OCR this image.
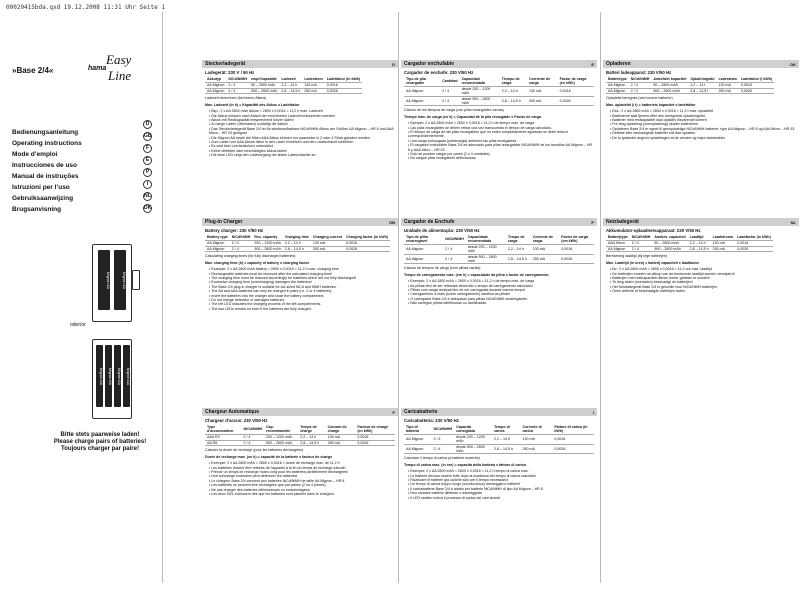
00020415bda.qxd 19.12.2008 11:31 Uhr Seite 1
hama
Easy
Line
»Base 2/4«
Bedienungsanleitung
Operating instructions
Mode d’emploi
Instrucciones de uso
Manual de instruções
Istruzioni per l’uso
Gebruiksaanwijzing
Brugsanvisning
D
GB
F
E
P
I
NL
DK
Mignon AA	Mignon AA
oder/or
Mignon AA	Mignon AA	Mignon AA	Mignon AA
Bitte stets paarweise laden!
Please charge pairs of batteries!
Toujours charger par paire!
Steckerladegerät	D
Ladegerät: 230 V / 50 Hz
Akkutyp	NiCd/NiMH	empf.Kapazität	Ladezeit	Ladestrom	Ladefaktor (in kWh)
AA Mignon	2 / 4	50 – 2800 mAh	2,2 – 14 h	130 mA	0,0016
AA Mignon	2 / 4	500 – 2600 mAh	2,8 – 14,5 h	250 mA	0,0026
Ladezeit berechnen (bei leeren Akkus)
Max. Ladezeit (in h) = Kapazität des Akkus x Ladefaktor
• Bsp.: 2 x AA 2800 mAh Akkus = 2800 x 0,0016 = 11,2 h max. Ladezeit
• Die Akkus müssen nach Ablauf der errechneten Ladezeit entnommen werden!
• Akkus mit Restkapazität entsprechend kürzer laden!
• Zu lange Laden (Überladen) schädigt die Akkus!
• Das Steckerladegerät Base 2/4 ist für wiederaufladbare NiCd/NiMH Akkus der Größen AA Mignon – HR 6 und AAA Micro – HR 03 geeignet
• Die Mignon AA sowie die Micro AAA Akkus können nur paarweise in 2 oder 4 Stück geladen werden.
• Zum Laden von AAA Akkus diese in den Lader einsetzen und den Ladeschacht schließen.
• Es wird kein Leerlaufschutz unterstützt.
• Keine defekten oder beschädigten Akkus laden!
• Die linke LED zeigt den Ladevorgang der linken Ladeschächte an.
Cargador enchufable	E
Cargador de enchufe: 230 V/50 Hz
Tipo de pila recargable	Cantidad	Capacidad recomendada	Tiempo de carga	Corriente de carga	Factor de carga (en kWh)
AA Mignon	2 / 4	desde 200 – 1200 mAh	2,2 – 14 h	130 mA	0,0016
AA Mignon	2 / 4	desde 500 – 2600 mAh	2,8 – 14,5 h	250 mA	0,0026
Cálculo de los tiempos de carga (con pilas recargables vacías)
Tiempo máx. de carga (en h) = Capacidad de la pila recargable x Factor de carga
• Ejemplo: 2 x AA 2800 mAh = 2800 x 0,0016 = 11,2 h de tiempo máx. de carga
• Las pilas recargables se deben retirar una vez transcurrido el tiempo de carga calculado.
• El tiempo de carga de las pilas recargables que no estén completamente agotadas se debe reducir correspondientemente.
• Una carga prolongada (sobrecarga) deteriora las pilas recargables.
• El cargador enchufable Base 2/4 es adecuado para pilas recargables NiCd/NiMH de los tamaños AA Mignon – HR 6 y AAA Micro – HR 03.
• Solo se pueden cargar por pares (2 o 4 unidades).
• No cargue pilas recargables defectuosas.
Opladeren	DK
Batteri ladeapparat: 230 V/50 Hz
Batteritype	NiCd/NiMH	Anbefalet kapacitet	Opladningstid	Ladestrøm	Ladefaktor (i kWh)
AA Mignon	2 / 4	50 – 2800 mAh	2,2 – 14 t	130 mA	0,0016
AA Mignon	2 / 4	500 – 2600 mAh	2,8 – 14,5 t	250 mA	0,0026
Opladetid beregnes (ved tomme batterier)
Max. opladetid (i t) = batteriets kapacitet x ladefaktor
• Eks.: 2 x AA 2800 mAh = 2800 x 0,0016 = 11,2 t max. opladetid
• Batterierne skal fjernes efter den beregnede opladningstid.
• Batterier med restkapacitet skal oplades tilsvarende kortere.
• For lang opladning (overopladning) skader batterierne.
• Opladeren Base 2/4 er egnet til genopladelige NiCd/NiMH batterier, type AA Mignon – HR 6 og AAA Micro – HR 03.
• Defekte eller beskadigede batterier må ikke oplades.
• De to lysdioder angiver opladningen af de venstre og højre ladeskakter.
Plug-in Charger	GB
Battery charger: 230 V/50 Hz
Battery type	NiCd/NiMH	Rec. capacity	Charging time	Charging current	Charging factor (in kWh)
AA Mignon	2 / 4	200 – 1200 mAh	2,2 – 14 h	130 mA	0,0016
AA Mignon	2 / 4	500 – 2600 mAh	2,8 – 14,5 h	250 mA	0,0026
Calculating charging times (for fully discharged batteries)
Max. charging time (h) = capacity of battery x charging factor
• Example: 2 x AA 2800 mAh battery = 2800 x 0.0016 = 11.2 h max. charging time
• Rechargeable batteries must be removed after the calculated charging time!
• The charging time must be reduced accordingly for batteries which are not fully discharged!
• Excessive charging time (overcharging) damages the batteries!
• The Base 2/4 plug-in charger is suitable for AA-sized NiCd and NiMH batteries.
• The AA and AAA batteries can only be charged in pairs (i.e. 2 or 4 batteries).
• Insert the batteries into the charger and close the battery compartment.
• Do not charge defective or damaged batteries.
• The left LED indicates the charging process of the left compartments.
• The two LEDs remain on even if the batteries are fully charged.
Cargador de Enchufe	P
Unidade de alimentação: 230 V/50 Hz
Tipo de pilha recarregável	NiCd/NiMH	Capacidade recomendada	Tempo de carga	Corrente de carga	Factor de carga (em kWh)
AA Mignon	2 / 4	desde 200 – 1200 mAh	2,2 – 14 h	130 mA	0,0016
AA Mignon	2 / 4	desde 500 – 2600 mAh	2,8 – 14,5 h	250 mA	0,0026
Cálculo de tempos de carga (com pilhas vazias)
Tempo de carregamento máx. (em h) = capacidade da pilha x factor de carregamento
• Exemplo: 2 x AA 2800 mAh = 2800 x 0,0016 = 11,2 h de tempo máx. de carga
• As pilhas têm de ser retiradas decorrido o tempo de carregamento calculado!
• Pilhas com carga residual têm de ser carregadas durante menos tempo!
• Carregamento a mais (sobre carregamento) danifica as pilhas!
• O carregador Base 2/4 é adequado para pilhas NiCd/NiMH recarregáveis.
• Não carregue pilhas defeituosas ou danificadas.
Netzladegerät	NL
Akkumulator-oplaadnetsapparaat: 230 V/50 Hz
Batterijtype	NiCd/NiMH	Aanbev. capaciteit	Laadtijd	Laadstroom	Laadfactor (in kWh)
AAA Micro	2 / 4	50 – 2800 mAh	2,2 – 14 h	130 mA	0,0016
AA Mignon	2 / 4	500 – 2600 mAh	2,8 – 14,5 h	250 mA	0,0026
Berekening laadtijd (bij lege batterijen)
Max. Laadtijd (in uren) = batterij capaciteit x laadfactor
• Bv.: 2 x AA 2800 mAh = 2800 x 0,0016 = 11,2 uur max. laadtijd
• De batterijen moeten na afloop van de berekende laadtijd worden verwijderd!
• Batterijen met restcapaciteit dienen korter geladen te worden!
• Te lang laden (overladen) beschadigt de batterijen!
• Het Netzladegerät Base 2/4 is geschikt voor NiCd/NiMH batterijen.
• Geen defecte of beschadigde batterijen laden.
Chargeur Automatique	F
Chargeur d'accus: 230 V/50 Hz
Type d'accumulateur	NiCd/NiMH	Cap. recommandée	Temps de charge	Courant de charge	Facteur de charge (en kWh)
AAA R3	2 / 4	200 – 1200 mAh	2,2 – 14 h	130 mA	0,0016
AA R6	2 / 4	500 – 2600 mAh	2,8 – 14,5 h	250 mA	0,0026
Calculer la durée de recharge (pour les batteries déchargées)
Durée de recharge max. (en h) = capacité de la batterie x facteur de charge
• Exemple: 2 x AA 2800 mAh = 2800 x 0,0016 = durée de recharge max. de 11,2 h
• Les batteries doivent être retirées de l'appareil à la fin du temps de recharge calculé!
• Prévoir un temps de recharge moins long pour les batteries partiellement déchargées!
• Une surcharge excessive peut détériorer les batteries!
• Le chargeur Base 2/4 convient aux batteries NiCd/NiMH de taille AA Mignon – HR 6.
• Les batteries ne peuvent être rechargées que par paires (2 ou 4 pièces).
• Ne pas charger des batteries défectueuses ou endommagées.
• Les deux DEL s'allument dès que les batteries sont placées dans le chargeur.
Caricabatterie	I
Caricabatteria: 230 V/50 Hz
Tipo di batteria	NiCd/NiMH	Capacità consigliata	Tempo di carica	Corrente di carica	Fattore di carica (in kWh)
AA Mignon	2 / 4	desde 200 – 1200 mAh	2,2 – 14 h	130 mA	0,0016
AA Mignon	2 / 4	desde 500 – 2600 mAh	2,8 – 14,5 h	250 mA	0,0026
Calcolare il tempo di carica (a batterie scariche)
Tempo di carica max. (in ore) = capacità della batteria x fattore di carica
• Esempio: 2 x AA 2800 mAh = 2800 x 0,0016 = 11,2 h tempo di carica max.
• Le batterie devono essere tolte dopo la scadenza del tempo di carica calcolato!
• Ricaricare le batterie già cariche solo per il tempo necessario!
• Un tempo di carica troppo lungo (sovraccarica) danneggia le batterie!
• Il caricabatterie Base 2/4 è adatto per batterie NiCd/NiMH di tipo AA Mignon – HR 6.
• Non caricare batterie difettose o danneggiate.
• Il LED sinistro indica il processo di carica dei vani sinistri.
